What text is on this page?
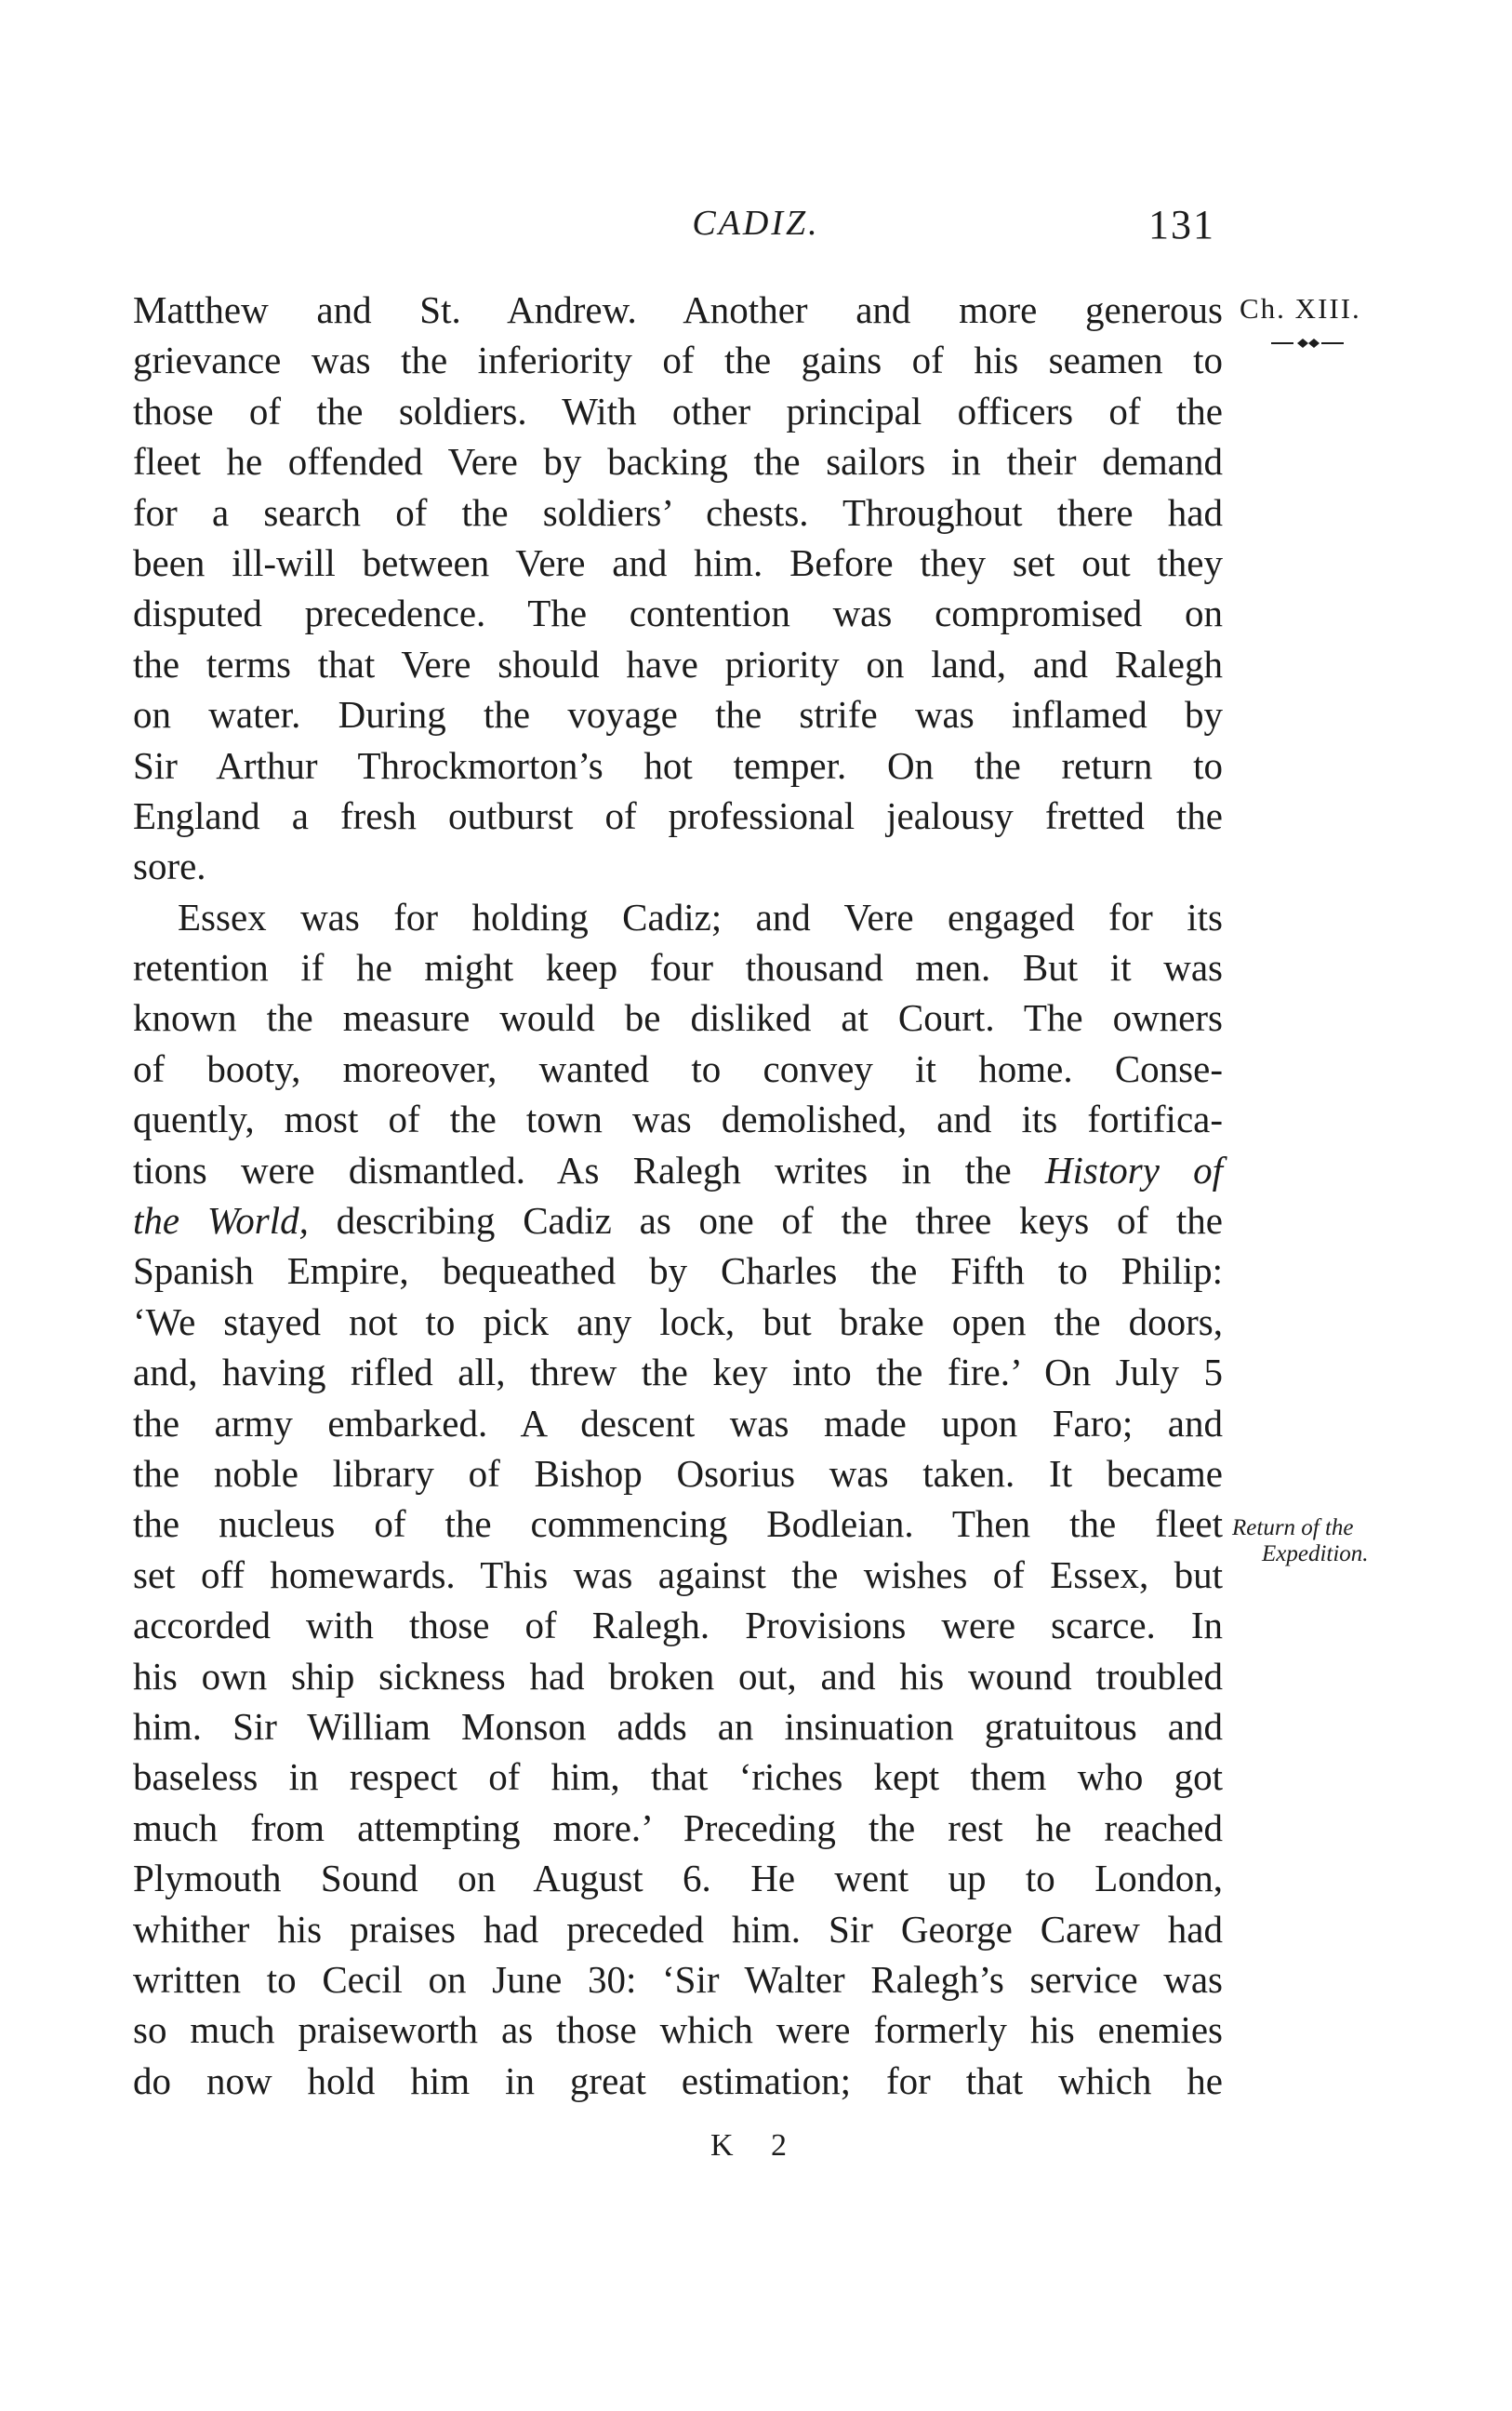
CADIZ.	131
Ch. XIII.
Return of the
Expedition.
Matthew and St. Andrew. Another and more generous
grievance was the inferiority of the gains of his seamen to
those of the soldiers. With other principal officers of the
fleet he offended Vere by backing the sailors in their demand
for a search of the soldiers’ chests. Throughout there had
been ill-will between Vere and him. Before they set out they
disputed precedence. The contention was compromised on
the terms that Vere should have priority on land, and Ralegh
on water. During the voyage the strife was inflamed by
Sir Arthur Throckmorton’s hot temper. On the return to
England a fresh outburst of professional jealousy fretted the
sore.
Essex was for holding Cadiz; and Vere engaged for its
retention if he might keep four thousand men. But it was
known the measure would be disliked at Court. The owners
of booty, moreover, wanted to convey it home. Conse-
quently, most of the town was demolished, and its fortifica-
tions were dismantled. As Ralegh writes in the History of
the World, describing Cadiz as one of the three keys of the
Spanish Empire, bequeathed by Charles the Fifth to Philip:
‘We stayed not to pick any lock, but brake open the doors,
and, having rifled all, threw the key into the fire.’ On July 5
the army embarked. A descent was made upon Faro; and
the noble library of Bishop Osorius was taken. It became
the nucleus of the commencing Bodleian. Then the fleet
set off homewards. This was against the wishes of Essex, but
accorded with those of Ralegh. Provisions were scarce. In
his own ship sickness had broken out, and his wound troubled
him. Sir William Monson adds an insinuation gratuitous and
baseless in respect of him, that ‘riches kept them who got
much from attempting more.’ Preceding the rest he reached
Plymouth Sound on August 6. He went up to London,
whither his praises had preceded him. Sir George Carew had
written to Cecil on June 30: ‘Sir Walter Ralegh’s service was
so much praiseworth as those which were formerly his enemies
do now hold him in great estimation; for that which he
K 2
